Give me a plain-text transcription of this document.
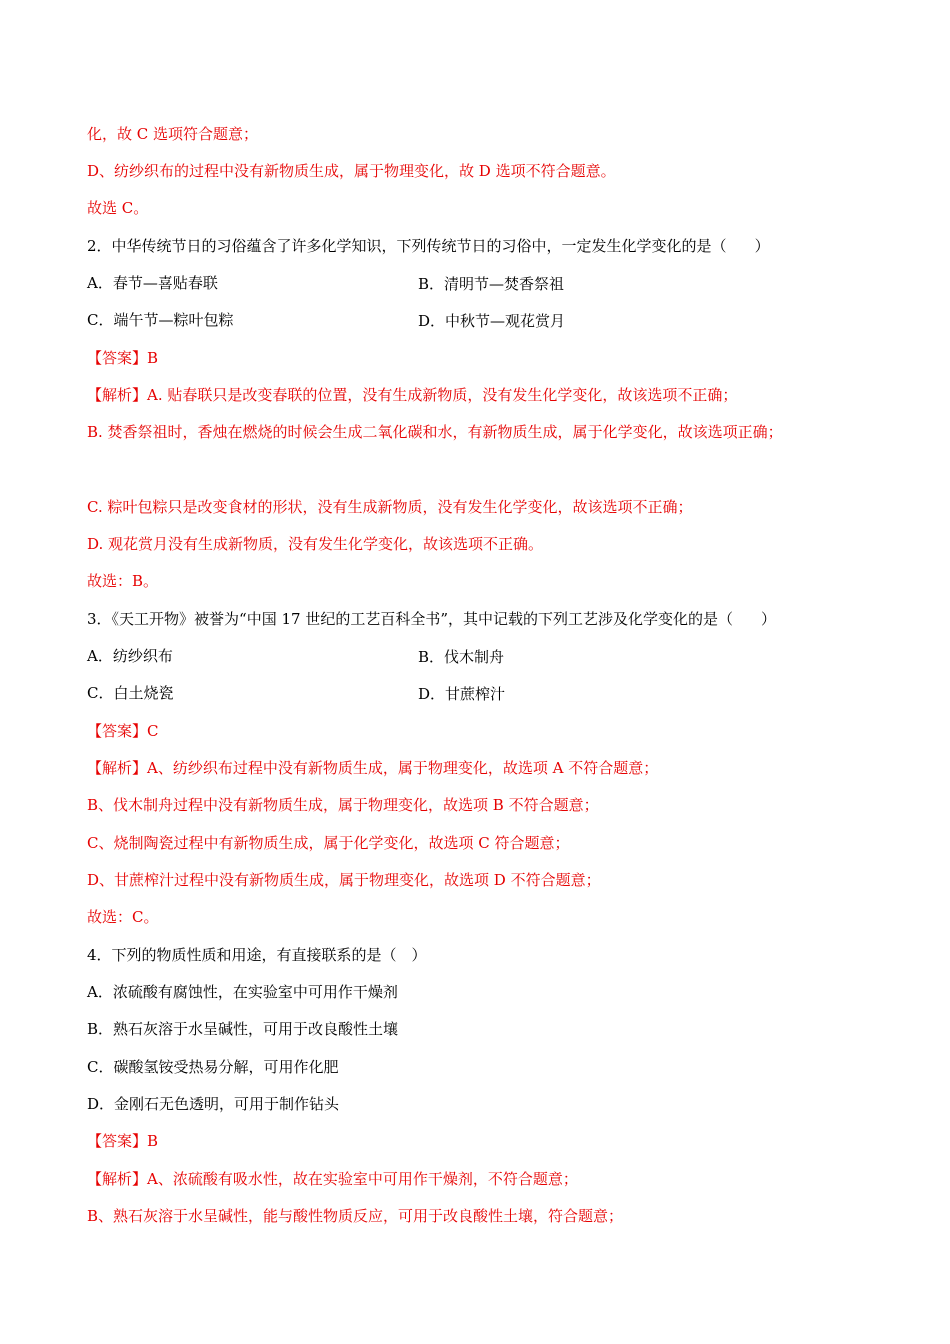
化，故 C 选项符合题意；
D、纺纱织布的过程中没有新物质生成，属于物理变化，故 D 选项不符合题意。
故选 C。
2．中华传统节日的习俗蕴含了许多化学知识，下列传统节日的习俗中，一定发生化学变化的是（ ）
A．春节—喜贴春联	B．清明节—焚香祭祖
C．端午节—粽叶包粽	D．中秋节—观花赏月
【答案】B
【解析】A. 贴春联只是改变春联的位置，没有生成新物质，没有发生化学变化，故该选项不正确；
B. 焚香祭祖时，香烛在燃烧的时候会生成二氧化碳和水，有新物质生成，属于化学变化，故该选项正确；
C. 粽叶包粽只是改变食材的形状，没有生成新物质，没有发生化学变化，故该选项不正确；
D. 观花赏月没有生成新物质，没有发生化学变化，故该选项不正确。
故选：B。
3．《天工开物》被誉为“中国 17 世纪的工艺百科全书”，其中记载的下列工艺涉及化学变化的是（ ）
A．纺纱织布	B．伐木制舟
C．白土烧瓷	D．甘蔗榨汁
【答案】C
【解析】A、纺纱织布过程中没有新物质生成，属于物理变化，故选项 A 不符合题意；
B、伐木制舟过程中没有新物质生成，属于物理变化，故选项 B 不符合题意；
C、烧制陶瓷过程中有新物质生成，属于化学变化，故选项 C 符合题意；
D、甘蔗榨汁过程中没有新物质生成，属于物理变化，故选项 D 不符合题意；
故选：C。
4．下列的物质性质和用途，有直接联系的是（　）
A．浓硫酸有腐蚀性，在实验室中可用作干燥剂
B．熟石灰溶于水呈碱性，可用于改良酸性土壤
C．碳酸氢铵受热易分解，可用作化肥
D．金刚石无色透明，可用于制作钻头
【答案】B
【解析】A、浓硫酸有吸水性，故在实验室中可用作干燥剂，不符合题意；
B、熟石灰溶于水呈碱性，能与酸性物质反应，可用于改良酸性土壤，符合题意；
